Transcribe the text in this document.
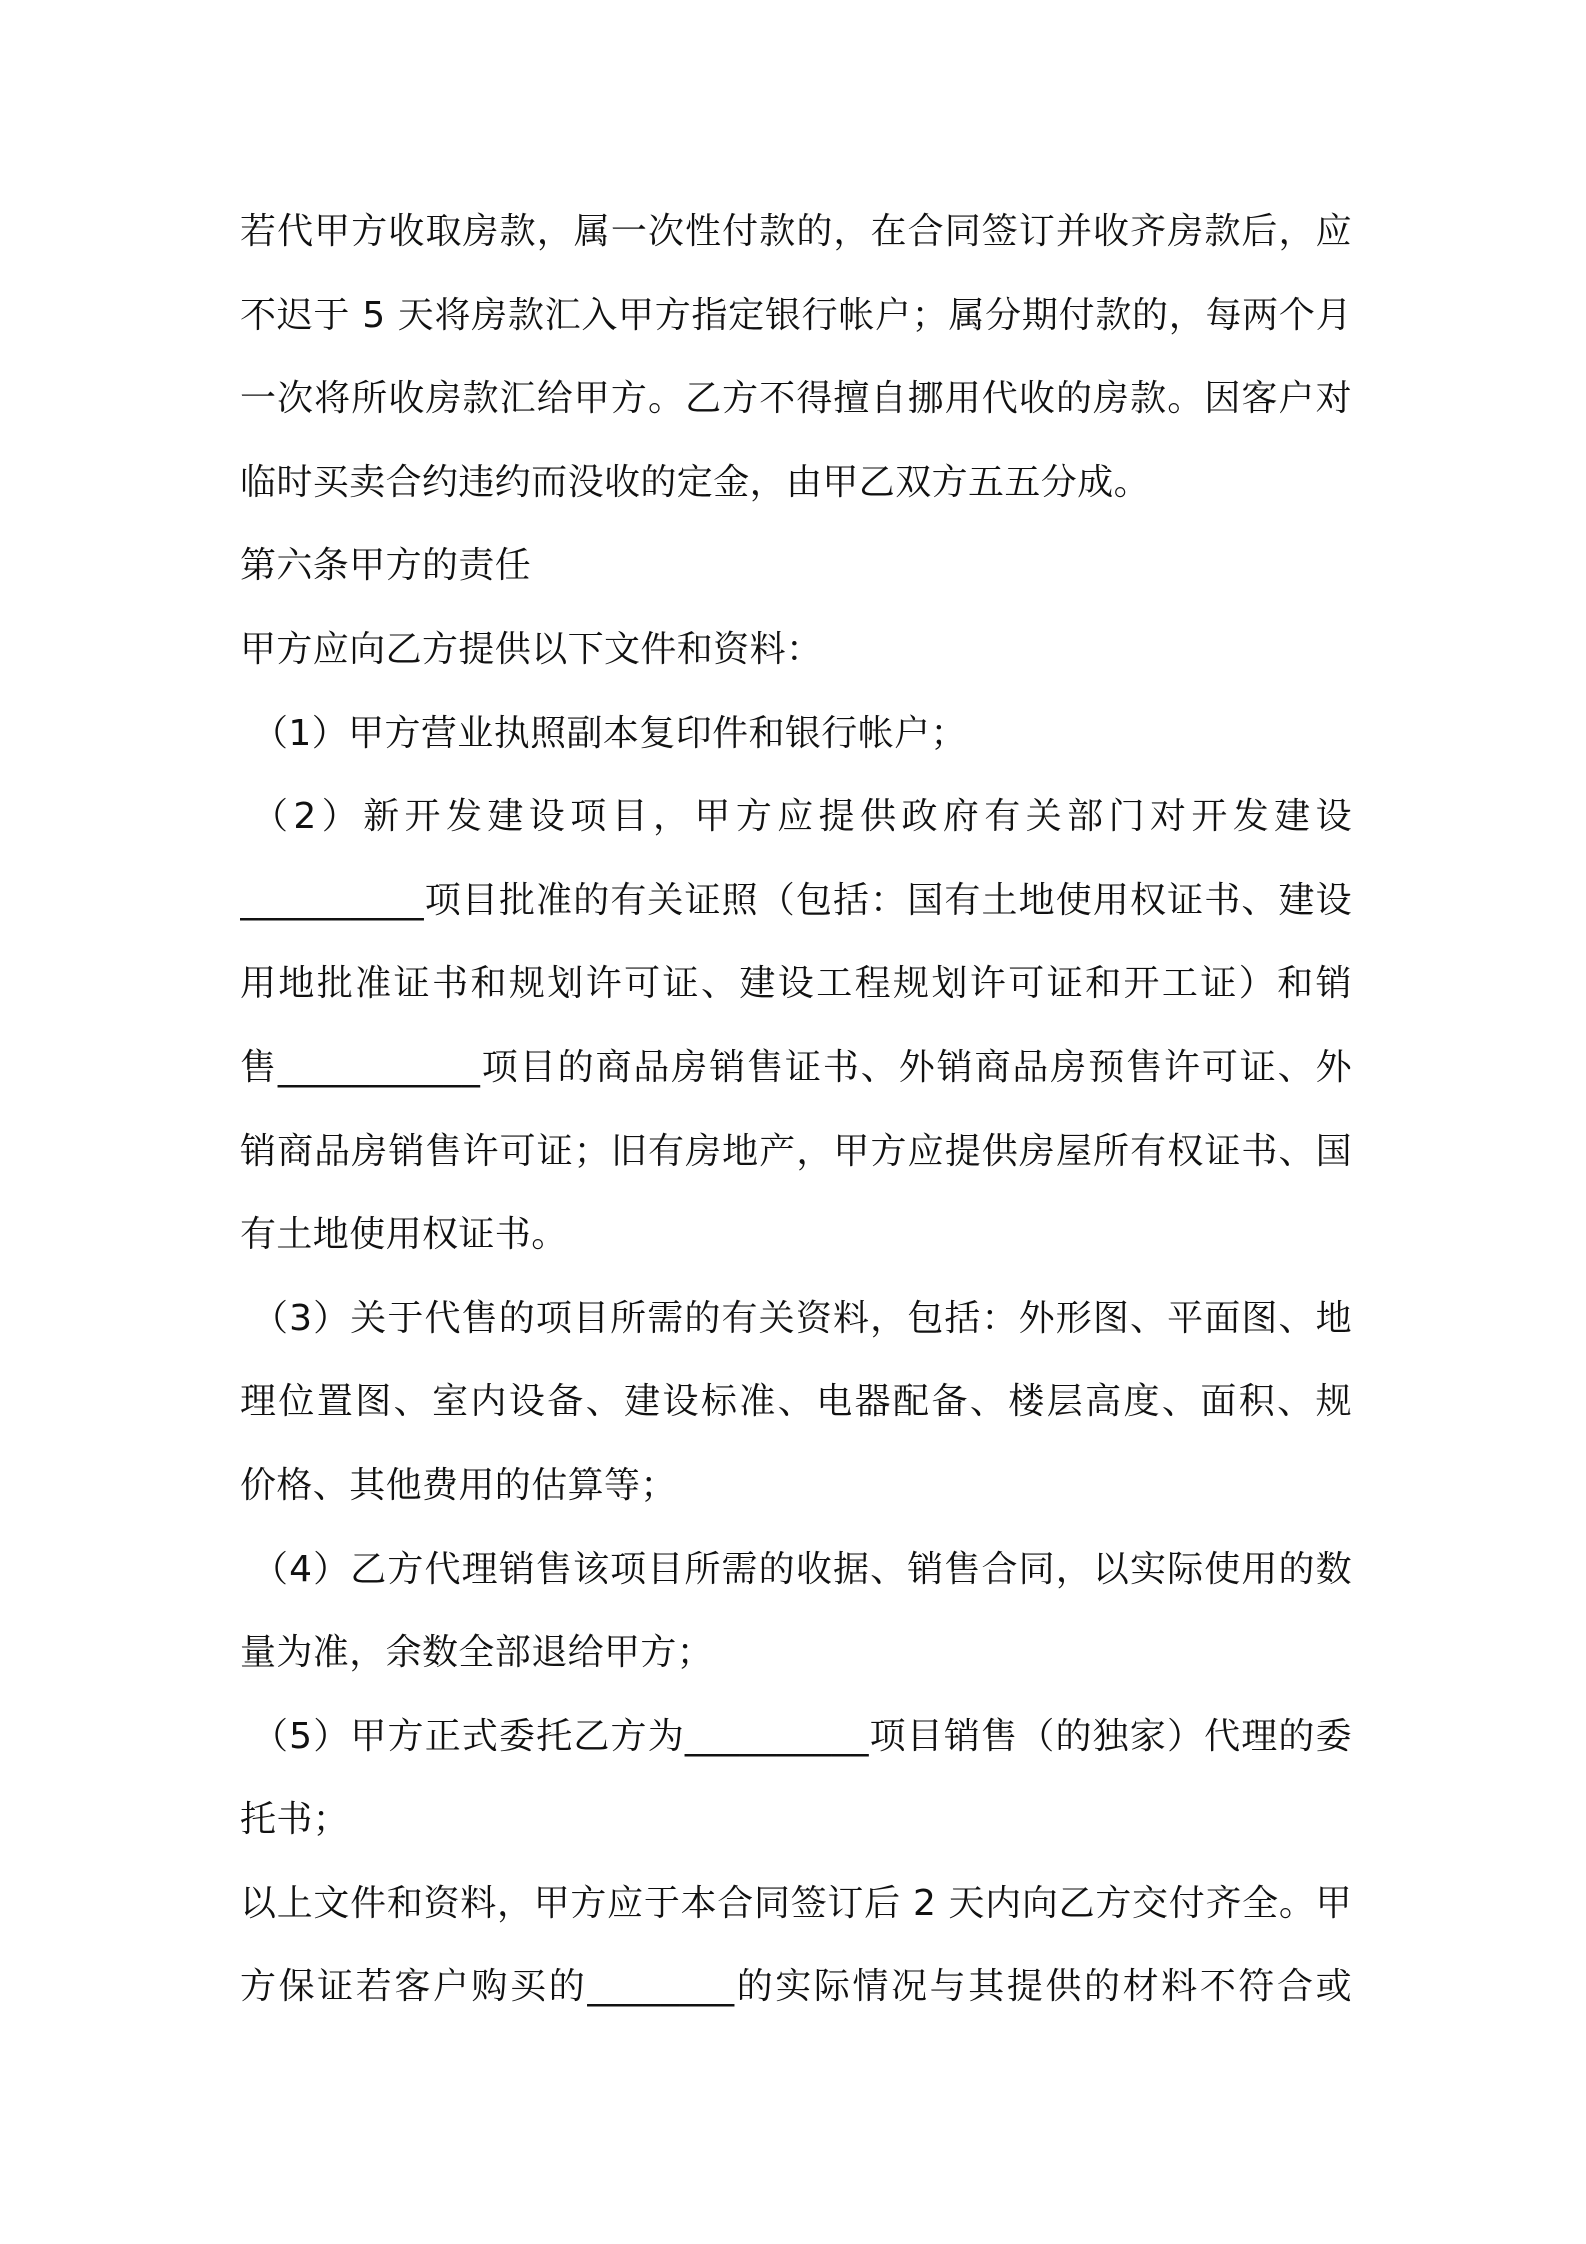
若代甲方收取房款，属一次性付款的，在合同签订并收齐房款后，应
不迟于 5 天将房款汇入甲方指定银行帐户；属分期付款的，每两个月
一次将所收房款汇给甲方。乙方不得擅自挪用代收的房款。因客户对
临时买卖合约违约而没收的定金，由甲乙双方五五分成。
第六条甲方的责任
甲方应向乙方提供以下文件和资料：
（1）甲方营业执照副本复印件和银行帐户；
（2）新开发建设项目，甲方应提供政府有关部门对开发建设
__________项目批准的有关证照（包括：国有土地使用权证书、建设
用地批准证书和规划许可证、建设工程规划许可证和开工证）和销
售___________项目的商品房销售证书、外销商品房预售许可证、外
销商品房销售许可证；旧有房地产，甲方应提供房屋所有权证书、国
有土地使用权证书。
（3）关于代售的项目所需的有关资料，包括：外形图、平面图、地
理位置图、室内设备、建设标准、电器配备、楼层高度、面积、规
价格、其他费用的估算等；
（4）乙方代理销售该项目所需的收据、销售合同，以实际使用的数
量为准，余数全部退给甲方；
（5）甲方正式委托乙方为__________项目销售（的独家）代理的委
托书；
以上文件和资料，甲方应于本合同签订后 2 天内向乙方交付齐全。甲
方保证若客户购买的________的实际情况与其提供的材料不符合或
